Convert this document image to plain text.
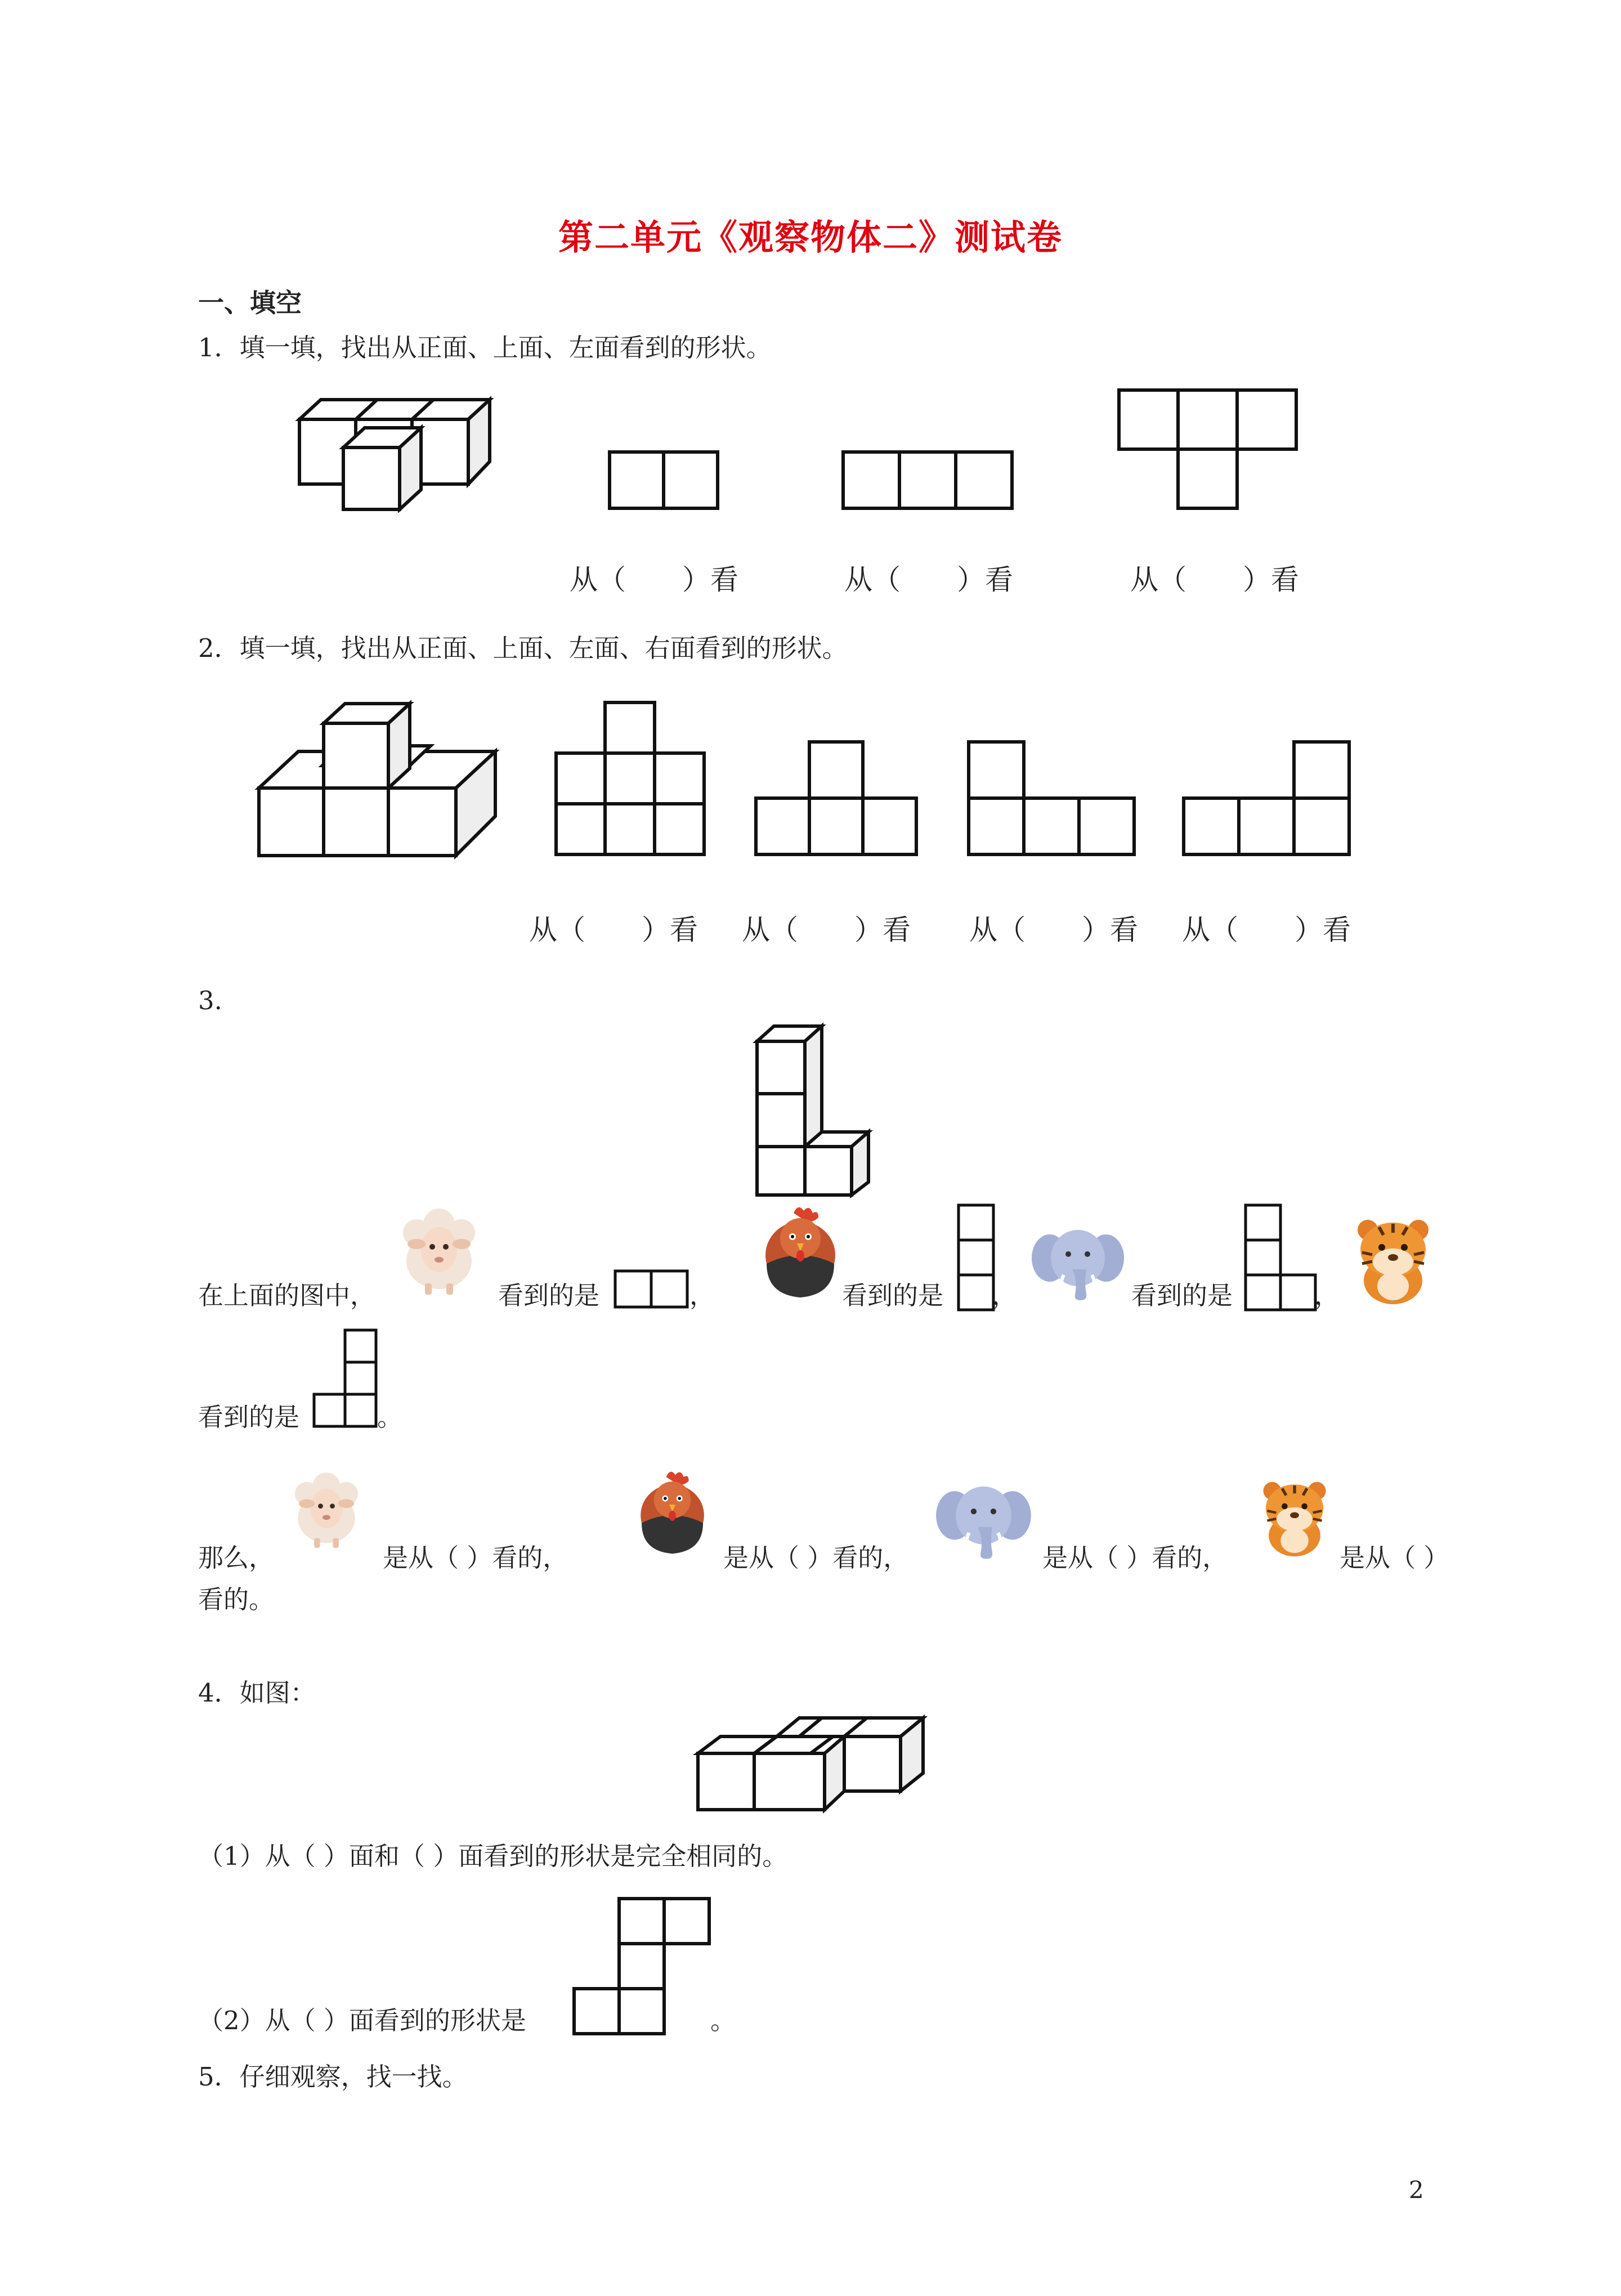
第二单元《观察物体二》测试卷
一、填空
1．填一填，找出从正面、上面、左面看到的形状。
从（　　）看	从（　　）看	从（　　）看
2．填一填，找出从正面、上面、左面、右面看到的形状。
从（　　）看 从（　　）看 从（　　）看 从（　　）看
3.
在上面的图中，	看到的是	，	看到的是 ，	看到的是	，
看到的是	。
那么，	是从（ ）看的，	是从（ ）看的，	是从（ ）看的，	是从（ ）
看的。
4．如图：
（1）从（ ）面和（ ）面看到的形状是完全相同的。
（2）从（ ）面看到的形状是	。
5．仔细观察，找一找。
2
